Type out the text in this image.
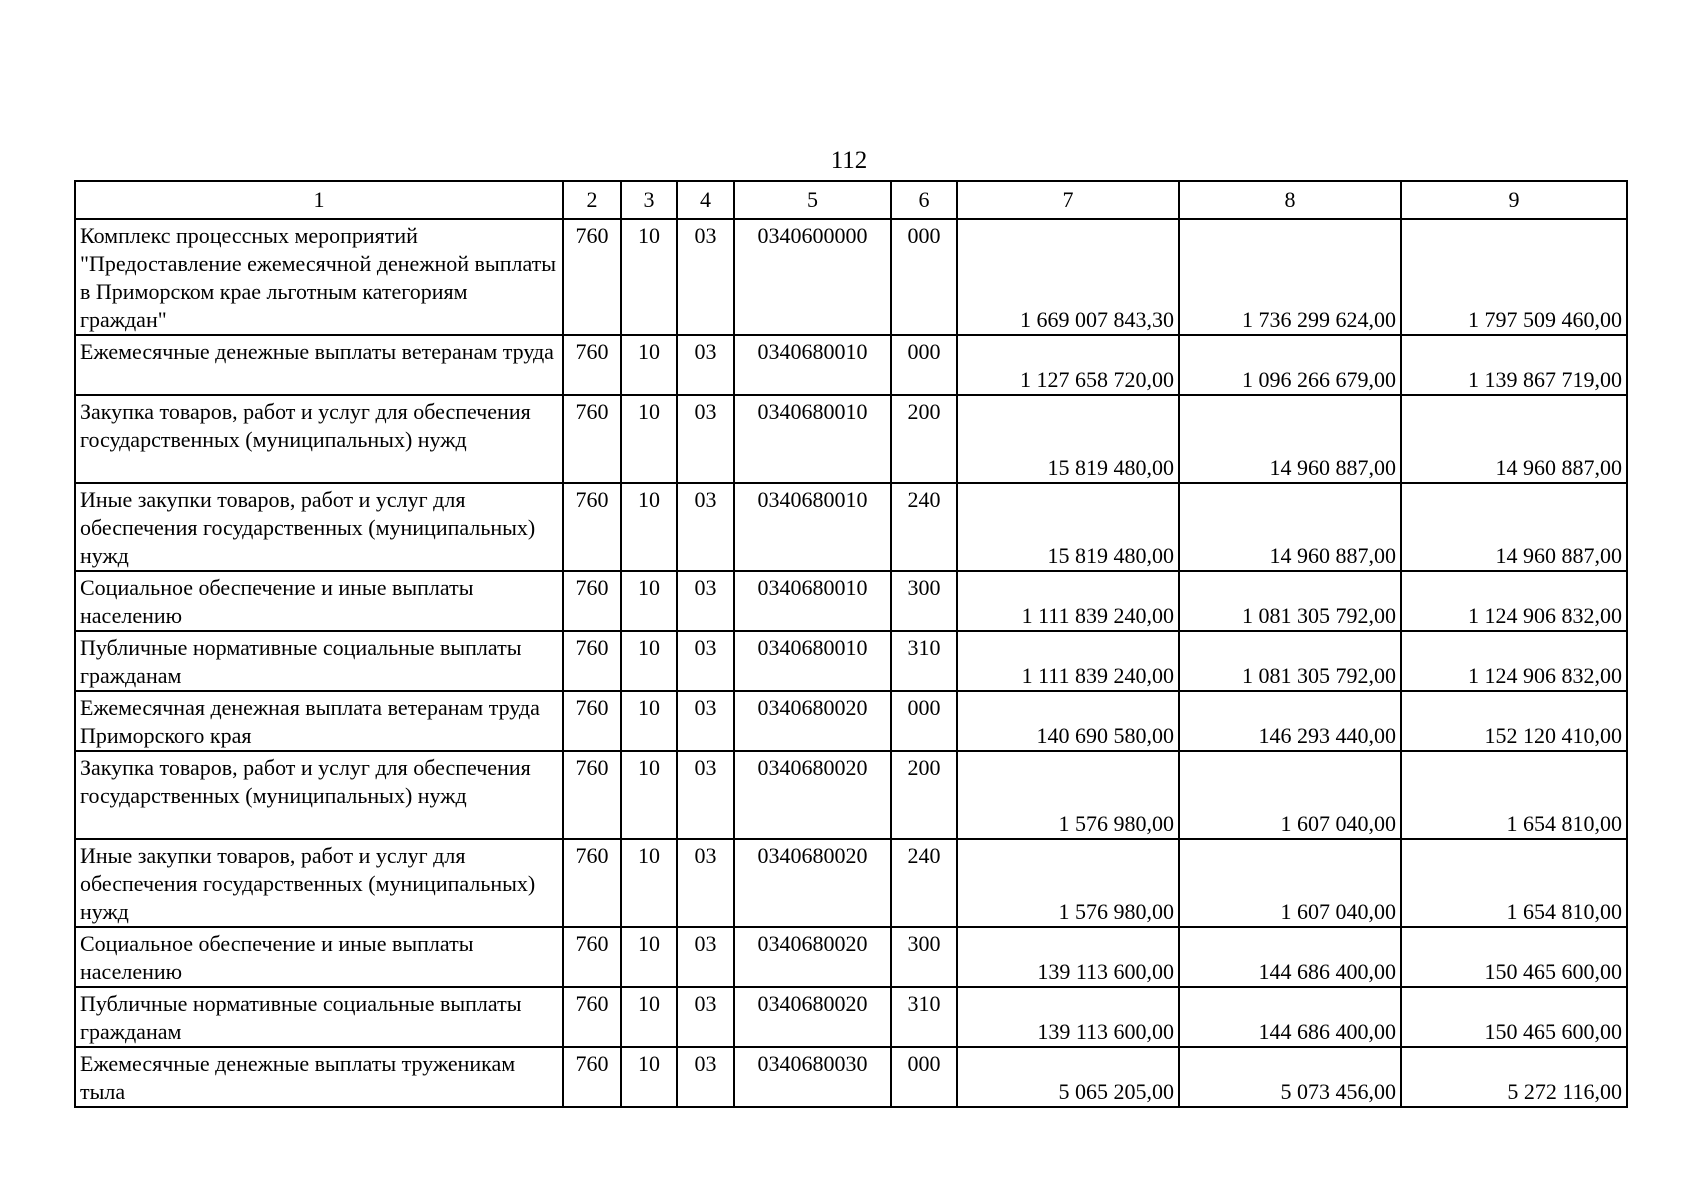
112
1	2	3	4	5	6	7	8	9
Комплекс процессных мероприятий "Предоставление ежемесячной денежной выплаты в Приморском крае льготным категориям граждан"	760	10	03	0340600000	000	1 669 007 843,30	1 736 299 624,00	1 797 509 460,00
Ежемесячные денежные выплаты ветеранам труда	760	10	03	0340680010	000	1 127 658 720,00	1 096 266 679,00	1 139 867 719,00
Закупка товаров, работ и услуг для обеспечения государственных (муниципальных) нужд	760	10	03	0340680010	200	15 819 480,00	14 960 887,00	14 960 887,00
Иные закупки товаров, работ и услуг для обеспечения государственных (муниципальных) нужд	760	10	03	0340680010	240	15 819 480,00	14 960 887,00	14 960 887,00
Социальное обеспечение и иные выплаты населению	760	10	03	0340680010	300	1 111 839 240,00	1 081 305 792,00	1 124 906 832,00
Публичные нормативные социальные выплаты гражданам	760	10	03	0340680010	310	1 111 839 240,00	1 081 305 792,00	1 124 906 832,00
Ежемесячная денежная выплата ветеранам труда Приморского края	760	10	03	0340680020	000	140 690 580,00	146 293 440,00	152 120 410,00
Закупка товаров, работ и услуг для обеспечения государственных (муниципальных) нужд	760	10	03	0340680020	200	1 576 980,00	1 607 040,00	1 654 810,00
Иные закупки товаров, работ и услуг для обеспечения государственных (муниципальных) нужд	760	10	03	0340680020	240	1 576 980,00	1 607 040,00	1 654 810,00
Социальное обеспечение и иные выплаты населению	760	10	03	0340680020	300	139 113 600,00	144 686 400,00	150 465 600,00
Публичные нормативные социальные выплаты гражданам	760	10	03	0340680020	310	139 113 600,00	144 686 400,00	150 465 600,00
Ежемесячные денежные выплаты труженикам тыла	760	10	03	0340680030	000	5 065 205,00	5 073 456,00	5 272 116,00
